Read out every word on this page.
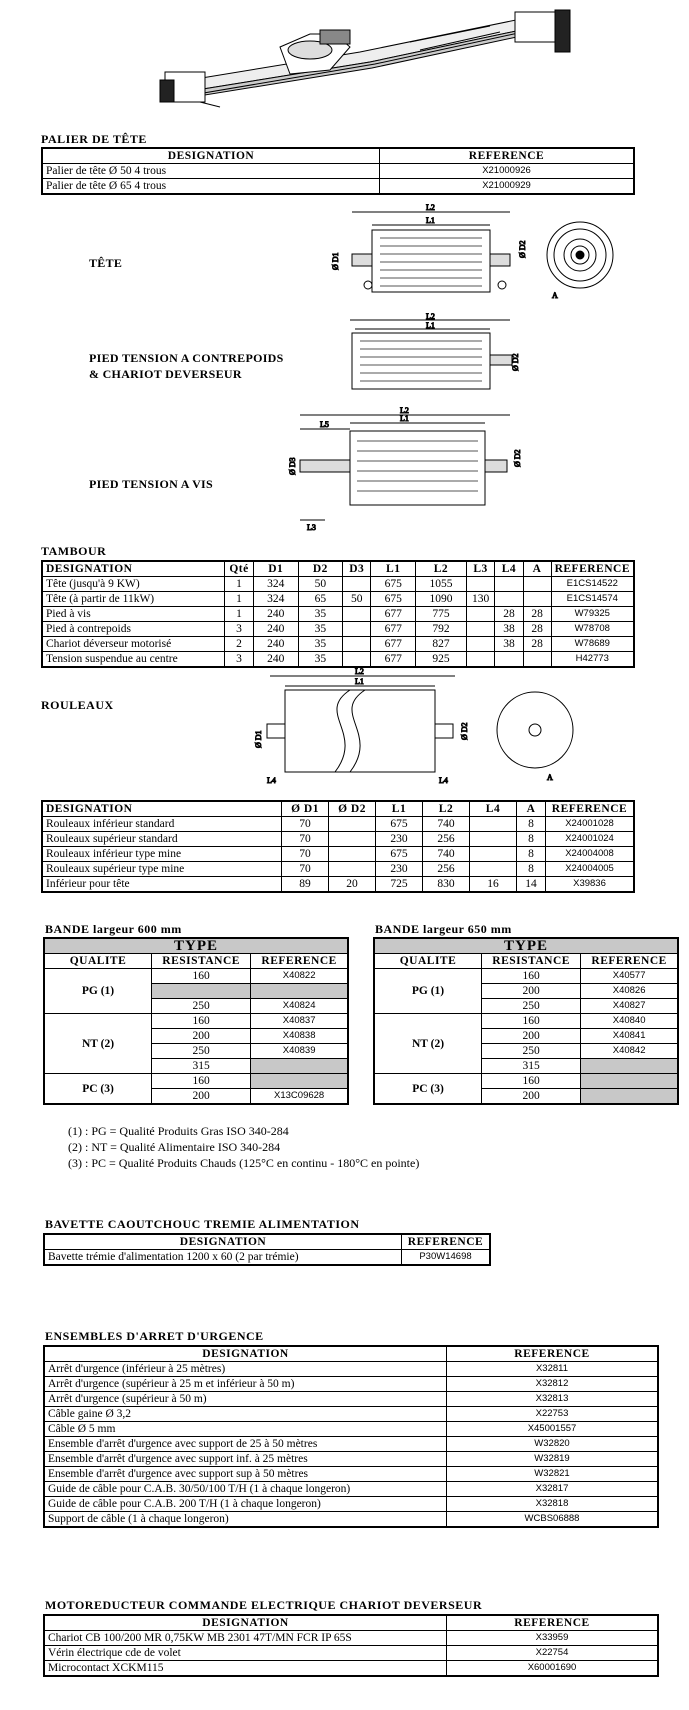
PALIER DE TÊTE
DESIGNATION	REFERENCE
Palier de tête Ø 50 4 trous	X21000926
Palier de tête Ø 65 4 trous	X21000929
TÊTE
L2
L1
Ø D1
Ø D2
A
PIED TENSION A CONTREPOIDS
& CHARIOT DEVERSEUR
L2
L1
Ø D2
PIED TENSION A VIS
L2
L1
L5
Ø D3	Ø D2
L3
TAMBOUR
DESIGNATION	Qté	D1	D2	D3	L1	L2	L3	L4	A	REFERENCE
Tête (jusqu'à 9 KW)	1	324	50		675	1055				E1CS14522
Tête (à partir de 11kW)	1	324	65	50	675	1090	130			E1CS14574
Pied à vis	1	240	35		677	775		28	28	W79325
Pied à contrepoids	3	240	35		677	792		38	28	W78708
Chariot déverseur motorisé	2	240	35		677	827		38	28	W78689
Tension suspendue au centre	3	240	35		677	925				H42773
ROULEAUX
L2
L1
Ø D1	Ø D2
L4	L4	A
DESIGNATION	Ø D1	Ø D2	L1	L2	L4	A	REFERENCE
Rouleaux inférieur standard	70		675	740		8	X24001028
Rouleaux supérieur standard	70		230	256		8	X24001024
Rouleaux inférieur type mine	70		675	740		8	X24004008
Rouleaux supérieur type mine	70		230	256		8	X24004005
Inférieur pour tête	89	20	725	830	16	14	X39836
BANDE largeur 600 mm	BANDE largeur 650 mm
TYPE		
QUALITE	RESISTANCE	REFERENCE
PG (1)	160	X40822

	250	X40824
NT (2)	160	X40837
	200	X40838
	250	X40839
	315	
PC (3)	160	
	200	X13C09628
TYPE		
QUALITE	RESISTANCE	REFERENCE
PG (1)	160	X40577
	200	X40826
	250	X40827
NT (2)	160	X40840
	200	X40841
	250	X40842
	315	
PC (3)	160	
	200	
(1) : PG = Qualité Produits Gras ISO 340-284
(2) : NT = Qualité Alimentaire ISO 340-284
(3) : PC = Qualité Produits Chauds (125°C en continu - 180°C en pointe)
BAVETTE CAOUTCHOUC TREMIE ALIMENTATION
DESIGNATION	REFERENCE
Bavette trémie d'alimentation 1200 x 60 (2 par trémie)	P30W14698
ENSEMBLES D'ARRET D'URGENCE
DESIGNATION	REFERENCE
Arrêt d'urgence (inférieur à 25 mètres)	X32811
Arrêt d'urgence (supérieur à 25 m et inférieur à 50 m)	X32812
Arrêt d'urgence (supérieur à 50 m)	X32813
Câble gaine Ø 3,2	X22753
Câble Ø 5 mm	X45001557
Ensemble d'arrêt d'urgence avec support de 25 à 50 mètres	W32820
Ensemble d'arrêt d'urgence avec support inf. à 25 mètres	W32819
Ensemble d'arrêt d'urgence avec support sup à 50 mètres	W32821
Guide de câble pour C.A.B. 30/50/100 T/H (1 à chaque longeron)	X32817
Guide de câble pour C.A.B. 200 T/H (1 à chaque longeron)	X32818
Support de câble (1 à chaque longeron)	WCBS06888
MOTOREDUCTEUR COMMANDE ELECTRIQUE CHARIOT DEVERSEUR
DESIGNATION	REFERENCE
Chariot CB 100/200 MR 0,75KW MB 2301 47T/MN FCR IP 65S	X33959
Vérin électrique cde de volet	X22754
Microcontact XCKM115	X60001690
